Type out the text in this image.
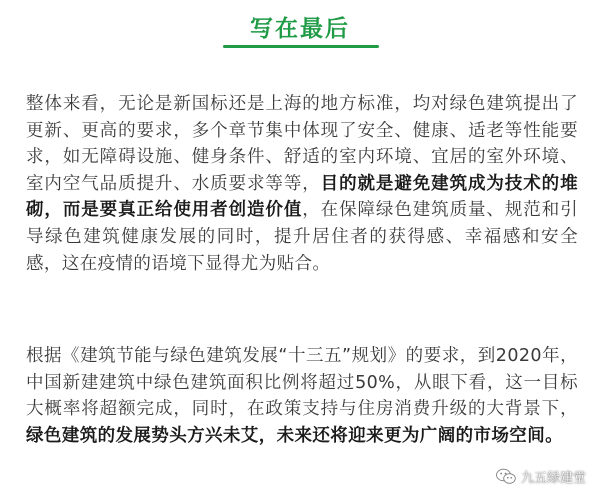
写在最后

整体来看，无论是新国标还是上海的地方标准，均对绿色建筑提出了更新、更高的要求，多个章节集中体现了安全、健康、适老等性能要求，如无障碍设施、健身条件、舒适的室内环境、宜居的室外环境、室内空气品质提升、水质要求等等，目的就是避免建筑成为技术的堆砌，而是要真正给使用者创造价值，在保障绿色建筑质量、规范和引导绿色建筑健康发展的同时，提升居住者的获得感、幸福感和安全感，这在疫情的语境下显得尤为贴合。

根据《建筑节能与绿色建筑发展“十三五”规划》的要求，到2020年，中国新建建筑中绿色建筑面积比例将超过50%，从眼下看，这一目标大概率将超额完成，同时，在政策支持与住房消费升级的大背景下，绿色建筑的发展势头方兴未艾，未来还将迎来更为广阔的市场空间。

九五绿建堂
